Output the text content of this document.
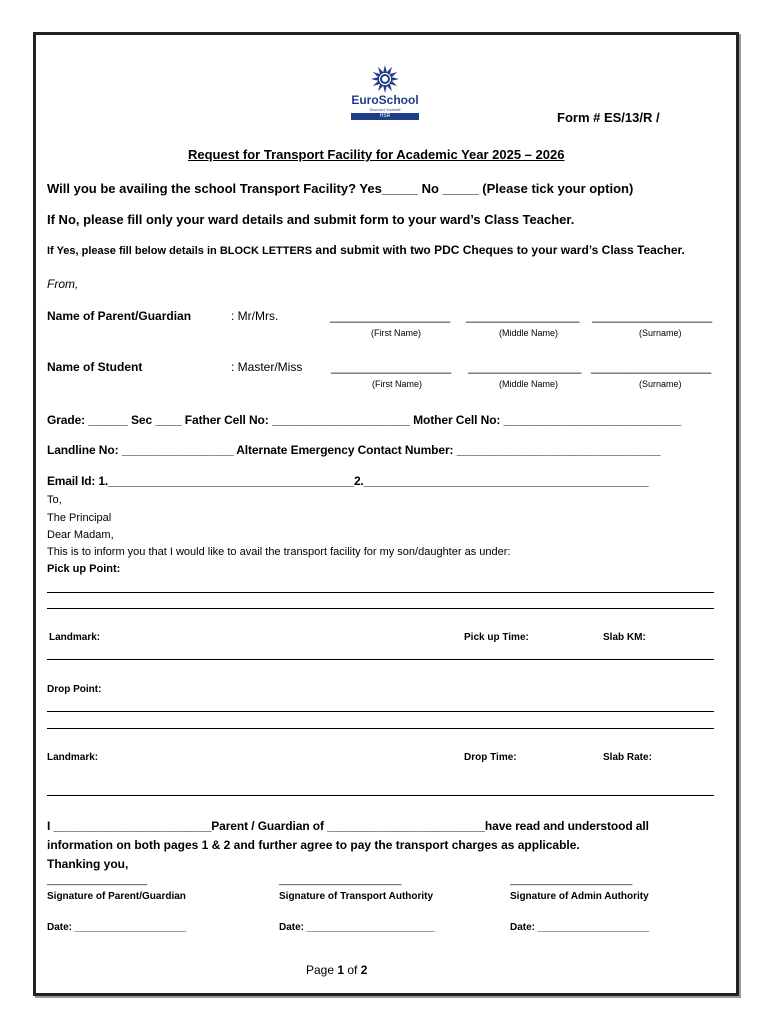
EuroSchool
Discover Yourself
HSR	Form # ES/13/R /
Request for Transport Facility for Academic Year 2025 – 2026
Will you be availing the school Transport Facility? Yes_____ No _____ (Please tick your option)
If No, please fill only your ward details and submit form to your ward’s Class Teacher.
If Yes, please fill below details in BLOCK LETTERS and submit with two PDC Cheques to your ward’s Class Teacher.
From,
Name of Parent/Guardian	: Mr/Mrs.	__________________ _________________ __________________
(First Name)	(Middle Name)	(Surname)
Name of Student	: Master/Miss __________________ _________________ __________________
(First Name)	(Middle Name)	(Surname)
Grade: ______ Sec ____ Father Cell No: _____________________ Mother Cell No: ___________________________
Landline No: _________________ Alternate Emergency Contact Number: _______________________________
Email Id: 1.______________________________________2.____________________________________________
To,
The Principal
Dear Madam,
This is to inform you that I would like to avail the transport facility for my son/daughter as under:
Pick up Point:
Landmark:	Pick up Time:	Slab KM:
Drop Point:
Landmark:	Drop Time:	Slab Rate:
I ________________________Parent / Guardian of ________________________have read and understood all
information on both pages 1 & 2 and further agree to pay the transport charges as applicable.
Thanking you,
__________________	______________________	______________________
Signature of Parent/Guardian	Signature of Transport Authority	Signature of Admin Authority
Date: ____________________	Date: _______________________	Date: ____________________
Page 1 of 2
